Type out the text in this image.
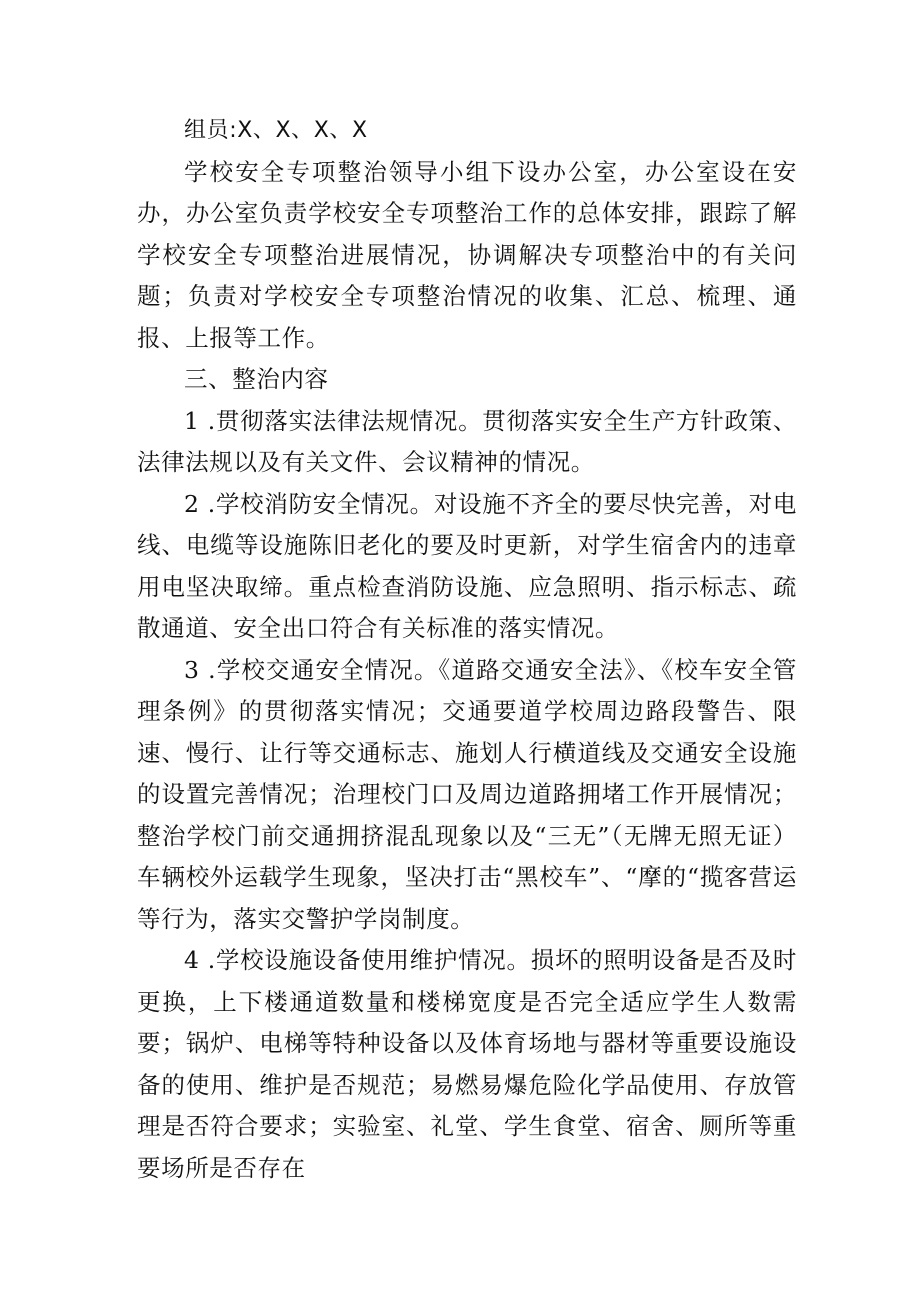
组员:X、X、X、X

学校安全专项整治领导小组下设办公室，办公室设在安办，办公室负责学校安全专项整治工作的总体安排，跟踪了解学校安全专项整治进展情况，协调解决专项整治中的有关问题；负责对学校安全专项整治情况的收集、汇总、梳理、通报、上报等工作。

三、整治内容

1 .贯彻落实法律法规情况。贯彻落实安全生产方针政策、法律法规以及有关文件、会议精神的情况。

2 .学校消防安全情况。对设施不齐全的要尽快完善，对电线、电缆等设施陈旧老化的要及时更新，对学生宿舍内的违章用电坚决取缔。重点检查消防设施、应急照明、指示标志、疏散通道、安全出口符合有关标准的落实情况。

3 .学校交通安全情况。《道路交通安全法》、《校车安全管理条例》的贯彻落实情况；交通要道学校周边路段警告、限速、慢行、让行等交通标志、施划人行横道线及交通安全设施的设置完善情况；治理校门口及周边道路拥堵工作开展情况；整治学校门前交通拥挤混乱现象以及“三无”（无牌无照无证）车辆校外运载学生现象，坚决打击“黑校车”、“摩的“揽客营运等行为，落实交警护学岗制度。

4 .学校设施设备使用维护情况。损坏的照明设备是否及时更换，上下楼通道数量和楼梯宽度是否完全适应学生人数需要；锅炉、电梯等特种设备以及体育场地与器材等重要设施设备的使用、维护是否规范；易燃易爆危险化学品使用、存放管理是否符合要求；实验室、礼堂、学生食堂、宿舍、厕所等重要场所是否存在
